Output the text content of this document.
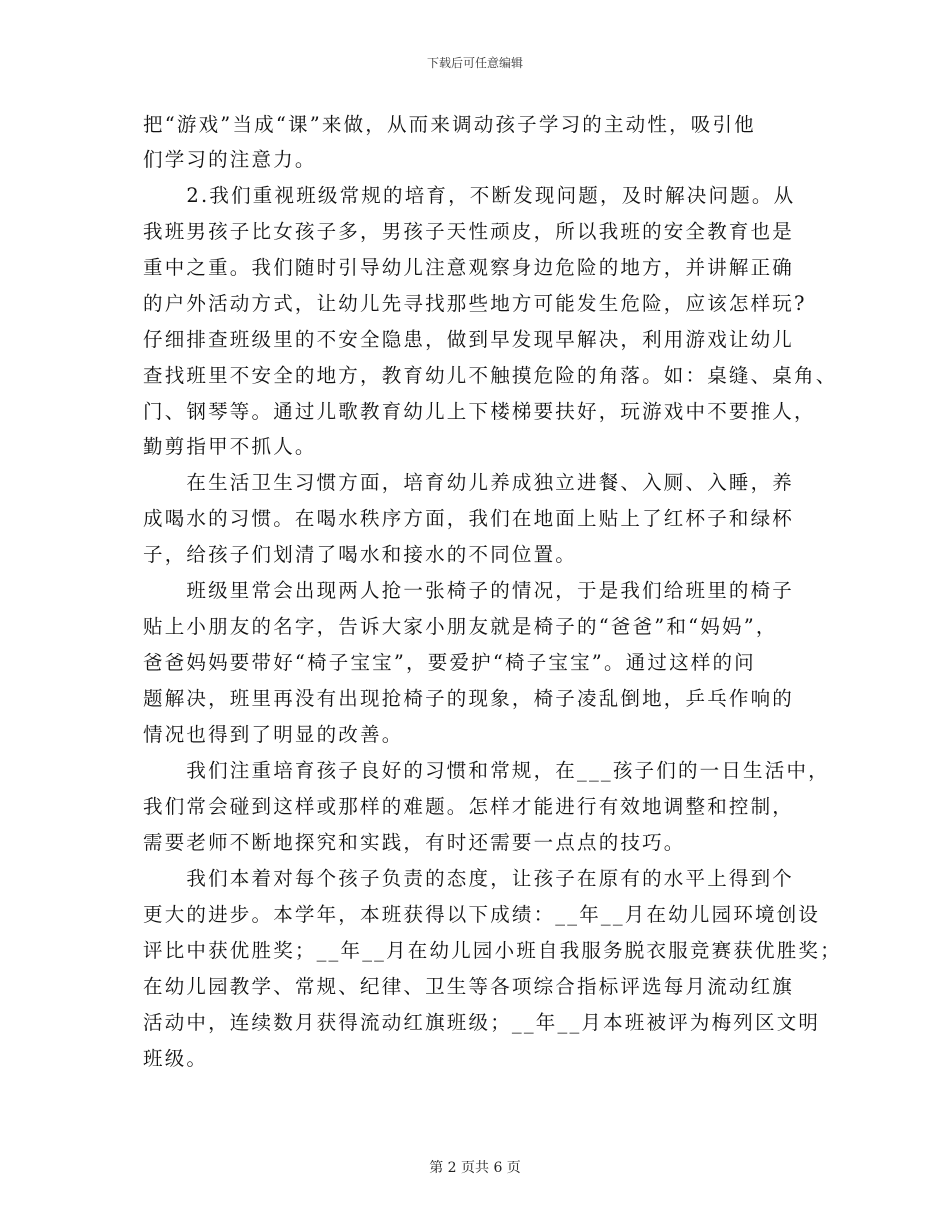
下载后可任意编辑
把“游戏”当成“课”来做，从而来调动孩子学习的主动性，吸引他
们学习的注意力。
　　2.我们重视班级常规的培育，不断发现问题，及时解决问题。从
我班男孩子比女孩子多，男孩子天性顽皮，所以我班的安全教育也是
重中之重。我们随时引导幼儿注意观察身边危险的地方，并讲解正确
的户外活动方式，让幼儿先寻找那些地方可能发生危险，应该怎样玩?
仔细排查班级里的不安全隐患，做到早发现早解决，利用游戏让幼儿
查找班里不安全的地方，教育幼儿不触摸危险的角落。如：桌缝、桌角、
门、钢琴等。通过儿歌教育幼儿上下楼梯要扶好，玩游戏中不要推人，
勤剪指甲不抓人。
　　在生活卫生习惯方面，培育幼儿养成独立进餐、入厕、入睡，养
成喝水的习惯。在喝水秩序方面，我们在地面上贴上了红杯子和绿杯
子，给孩子们划清了喝水和接水的不同位置。
　　班级里常会出现两人抢一张椅子的情况，于是我们给班里的椅子
贴上小朋友的名字，告诉大家小朋友就是椅子的“爸爸”和“妈妈”，
爸爸妈妈要带好“椅子宝宝”，要爱护“椅子宝宝”。通过这样的问
题解决，班里再没有出现抢椅子的现象，椅子凌乱倒地，乒乓作响的
情况也得到了明显的改善。
　　我们注重培育孩子良好的习惯和常规，在___孩子们的一日生活中，
我们常会碰到这样或那样的难题。怎样才能进行有效地调整和控制，
需要老师不断地探究和实践，有时还需要一点点的技巧。
　　我们本着对每个孩子负责的态度，让孩子在原有的水平上得到个
更大的进步。本学年，本班获得以下成绩：__年__月在幼儿园环境创设
评比中获优胜奖；__年__月在幼儿园小班自我服务脱衣服竞赛获优胜奖；
在幼儿园教学、常规、纪律、卫生等各项综合指标评选每月流动红旗
活动中，连续数月获得流动红旗班级；__年__月本班被评为梅列区文明
班级。
第 2 页共 6 页
